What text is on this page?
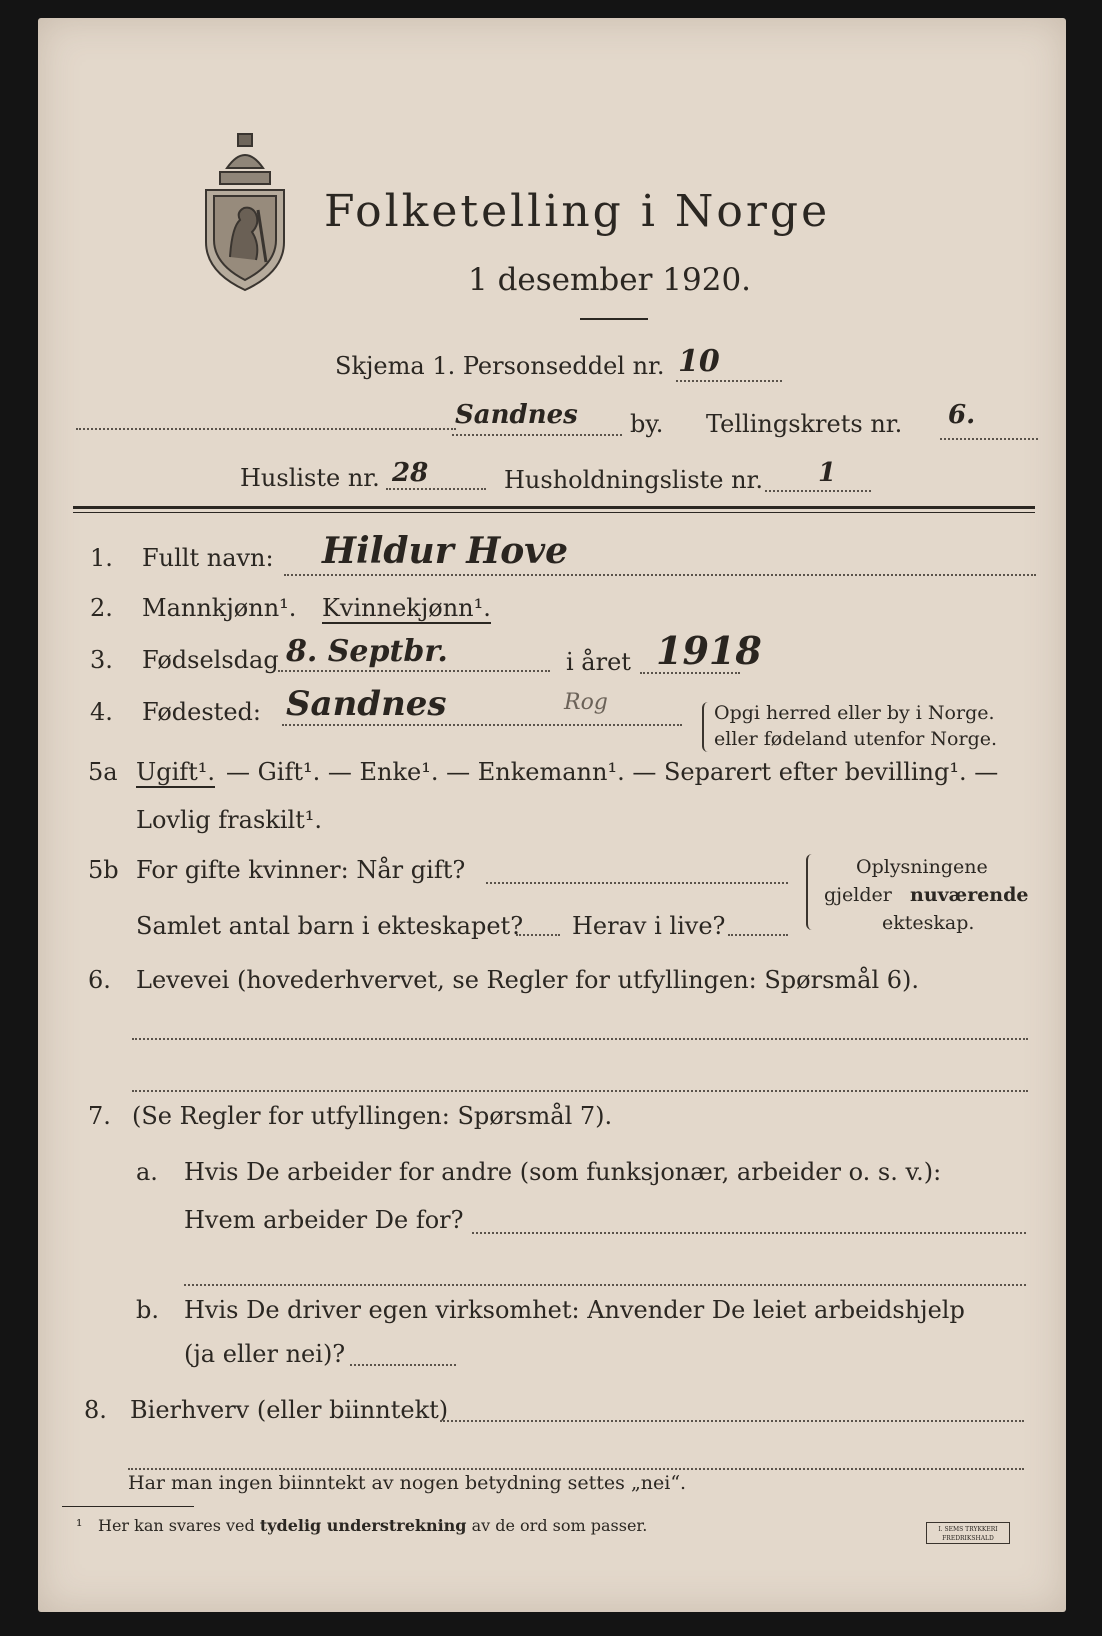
Folketelling i Norge
1 desember 1920.
Skjema 1. Personseddel nr. 10
Sandnes by. Tellingskrets nr. 6.
Husliste nr. 28	Husholdningsliste nr. 1
1. Fullt navn: Hildur Hove
2. Mannkjønn¹. Kvinnekjønn¹.
3. Fødselsdag 8. Septbr.	i året 1918
4. Fødested: Sandnes	Rog	Opgi herred eller by i Norge.
eller fødeland utenfor Norge.
5a Ugift¹. — Gift¹. — Enke¹. — Enkemann¹. — Separert efter bevilling¹. —
Lovlig fraskilt¹.
5b For gifte kvinner: Når gift?
Samlet antal barn i ekteskapet? Herav i live?
Oplysningene
gjelder nuværende
ekteskap.
6. Levevei (hovederhvervet, se Regler for utfyllingen: Spørsmål 6).
7. (Se Regler for utfyllingen: Spørsmål 7).
a. Hvis De arbeider for andre (som funksjonær, arbeider o. s. v.):
Hvem arbeider De for?
b. Hvis De driver egen virksomhet: Anvender De leiet arbeidshjelp
(ja eller nei)?
8. Bierhverv (eller biinntekt)
Har man ingen biinntekt av nogen betydning settes „nei“.
¹ Her kan svares ved tydelig understrekning av de ord som passer.	I. SEMS TRYKKERI
FREDRIKSHALD
